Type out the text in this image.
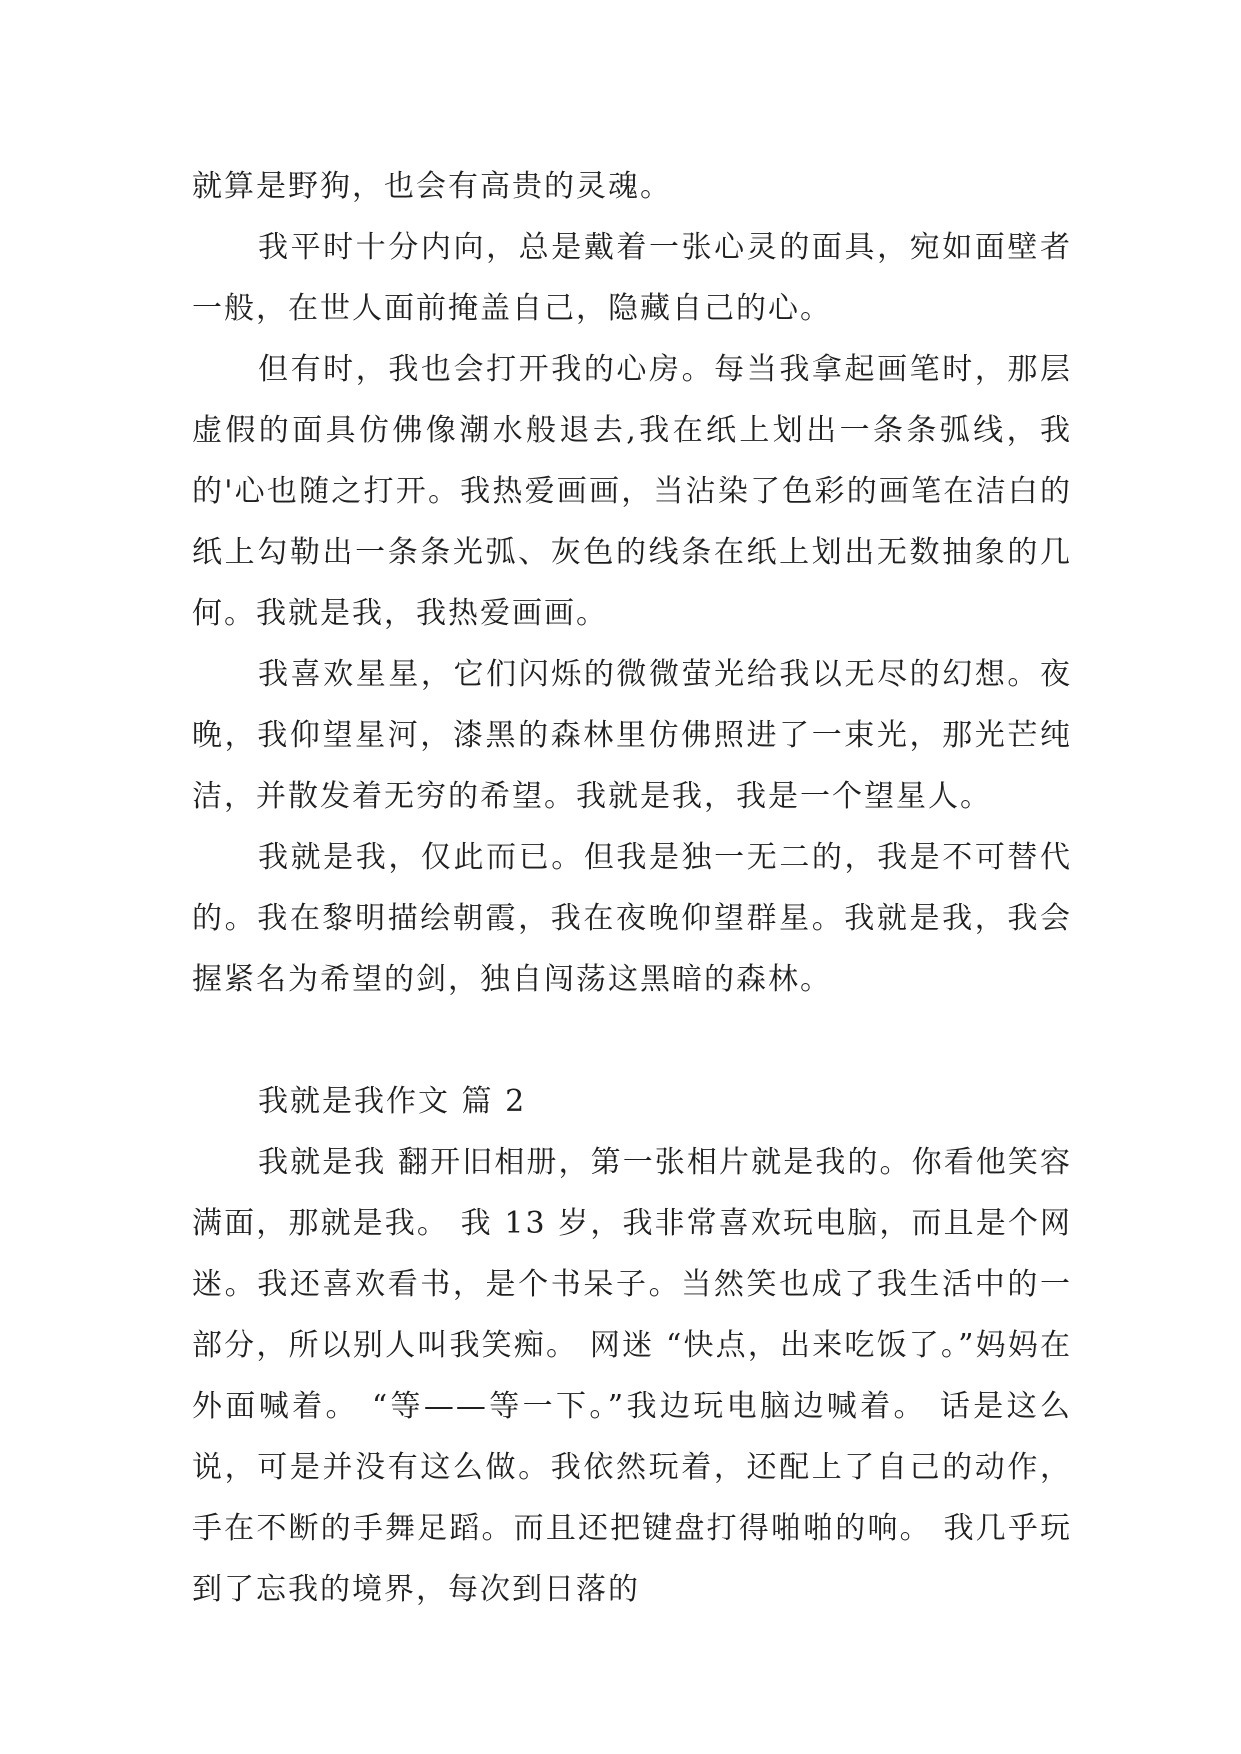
就算是野狗，也会有高贵的灵魂。

我平时十分内向，总是戴着一张心灵的面具，宛如面壁者一般，在世人面前掩盖自己，隐藏自己的心。

但有时，我也会打开我的心房。每当我拿起画笔时，那层虚假的面具仿佛像潮水般退去,我在纸上划出一条条弧线，我的'心也随之打开。我热爱画画，当沾染了色彩的画笔在洁白的纸上勾勒出一条条光弧、灰色的线条在纸上划出无数抽象的几何。我就是我，我热爱画画。

我喜欢星星，它们闪烁的微微萤光给我以无尽的幻想。夜晚，我仰望星河，漆黑的森林里仿佛照进了一束光，那光芒纯洁，并散发着无穷的希望。我就是我，我是一个望星人。

我就是我，仅此而已。但我是独一无二的，我是不可替代的。我在黎明描绘朝霞，我在夜晚仰望群星。我就是我，我会握紧名为希望的剑，独自闯荡这黑暗的森林。

我就是我作文 篇 2

我就是我 翻开旧相册，第一张相片就是我的。你看他笑容满面，那就是我。 我 13 岁，我非常喜欢玩电脑，而且是个网迷。我还喜欢看书，是个书呆子。当然笑也成了我生活中的一部分，所以别人叫我笑痴。 网迷 “快点，出来吃饭了。”妈妈在外面喊着。 “等——等一下。”我边玩电脑边喊着。 话是这么说，可是并没有这么做。我依然玩着，还配上了自己的动作，手在不断的手舞足蹈。而且还把键盘打得啪啪的响。 我几乎玩到了忘我的境界，每次到日落的
